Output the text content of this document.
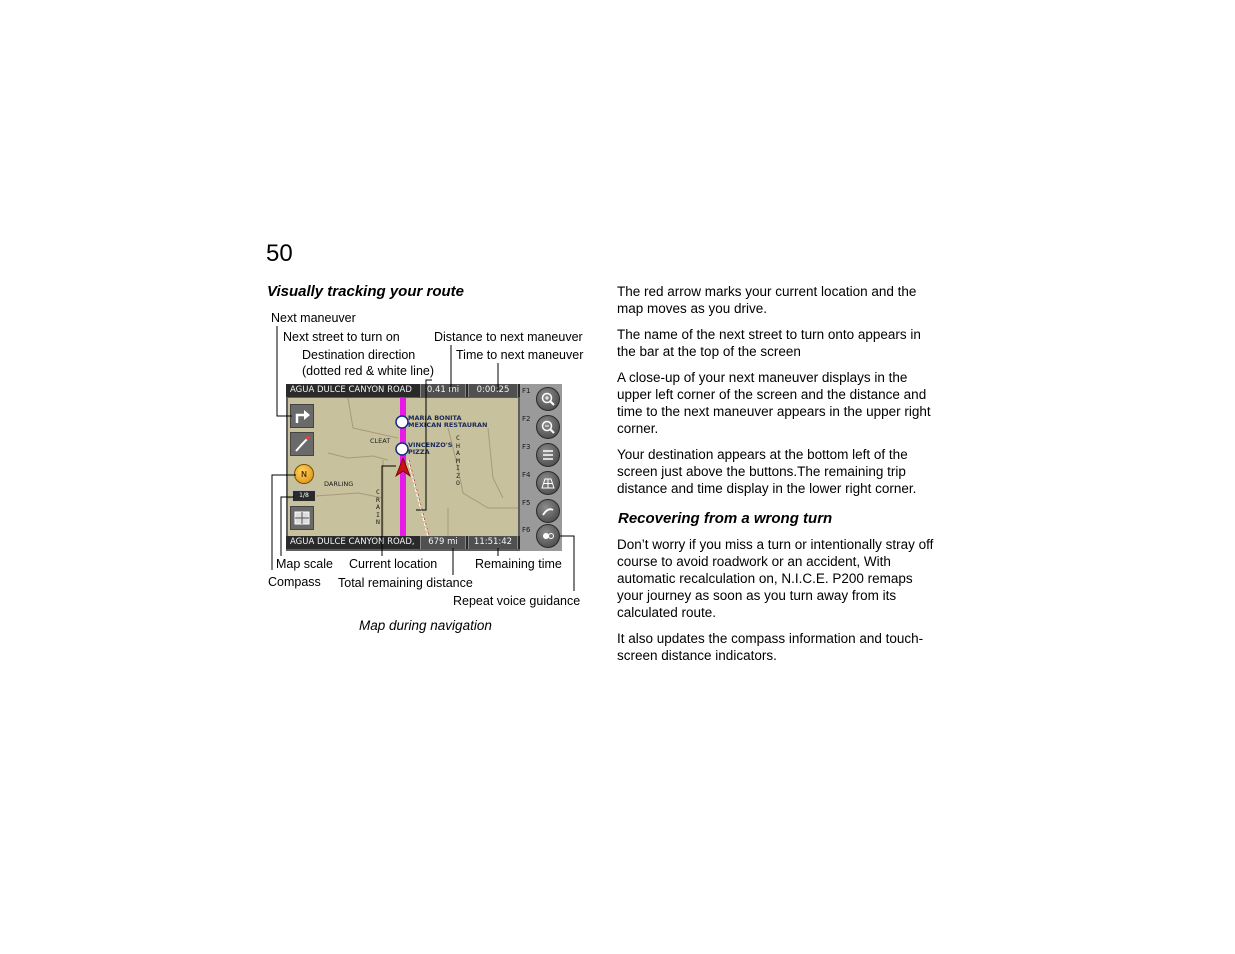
50
Visually tracking your route
Next maneuver
Next street to turn on	Distance to next maneuver
Destination direction
(dotted red & white line)
Time to next maneuver
Map scale Current location	Remaining time
Compass Total remaining distance
Repeat voice guidance
Map during navigation
AGUA DULCE CANYON ROAD	0.41 mi	0:00:25
MARIA BONITA
MEXICAN RESTAURAN
VINCENZO'S
PIZZA
CLEAT
DARLING
CHAMIZO
CRAIN
N
1/8
AGUA DULCE CANYON ROAD,	679 mi	11:51:42
F1
F2
F3
F4
F5
F6

The red arrow marks your current location and the map moves as you drive.

The name of the next street to turn onto appears in the bar at the top of the screen

A close-up of your next maneuver displays in the upper left corner of the screen and the distance and time to the next maneuver appears in the upper right corner.

Your destination appears at the bottom left of the screen just above the buttons.The remaining trip distance and time display in the lower right corner.

Recovering from a wrong turn

Don’t worry if you miss a turn or intentionally stray off course to avoid roadwork or an accident, With automatic recalculation on, N.I.C.E. P200 remaps your journey as soon as you turn away from its calculated route.

It also updates the compass information and touch-screen distance indicators.
